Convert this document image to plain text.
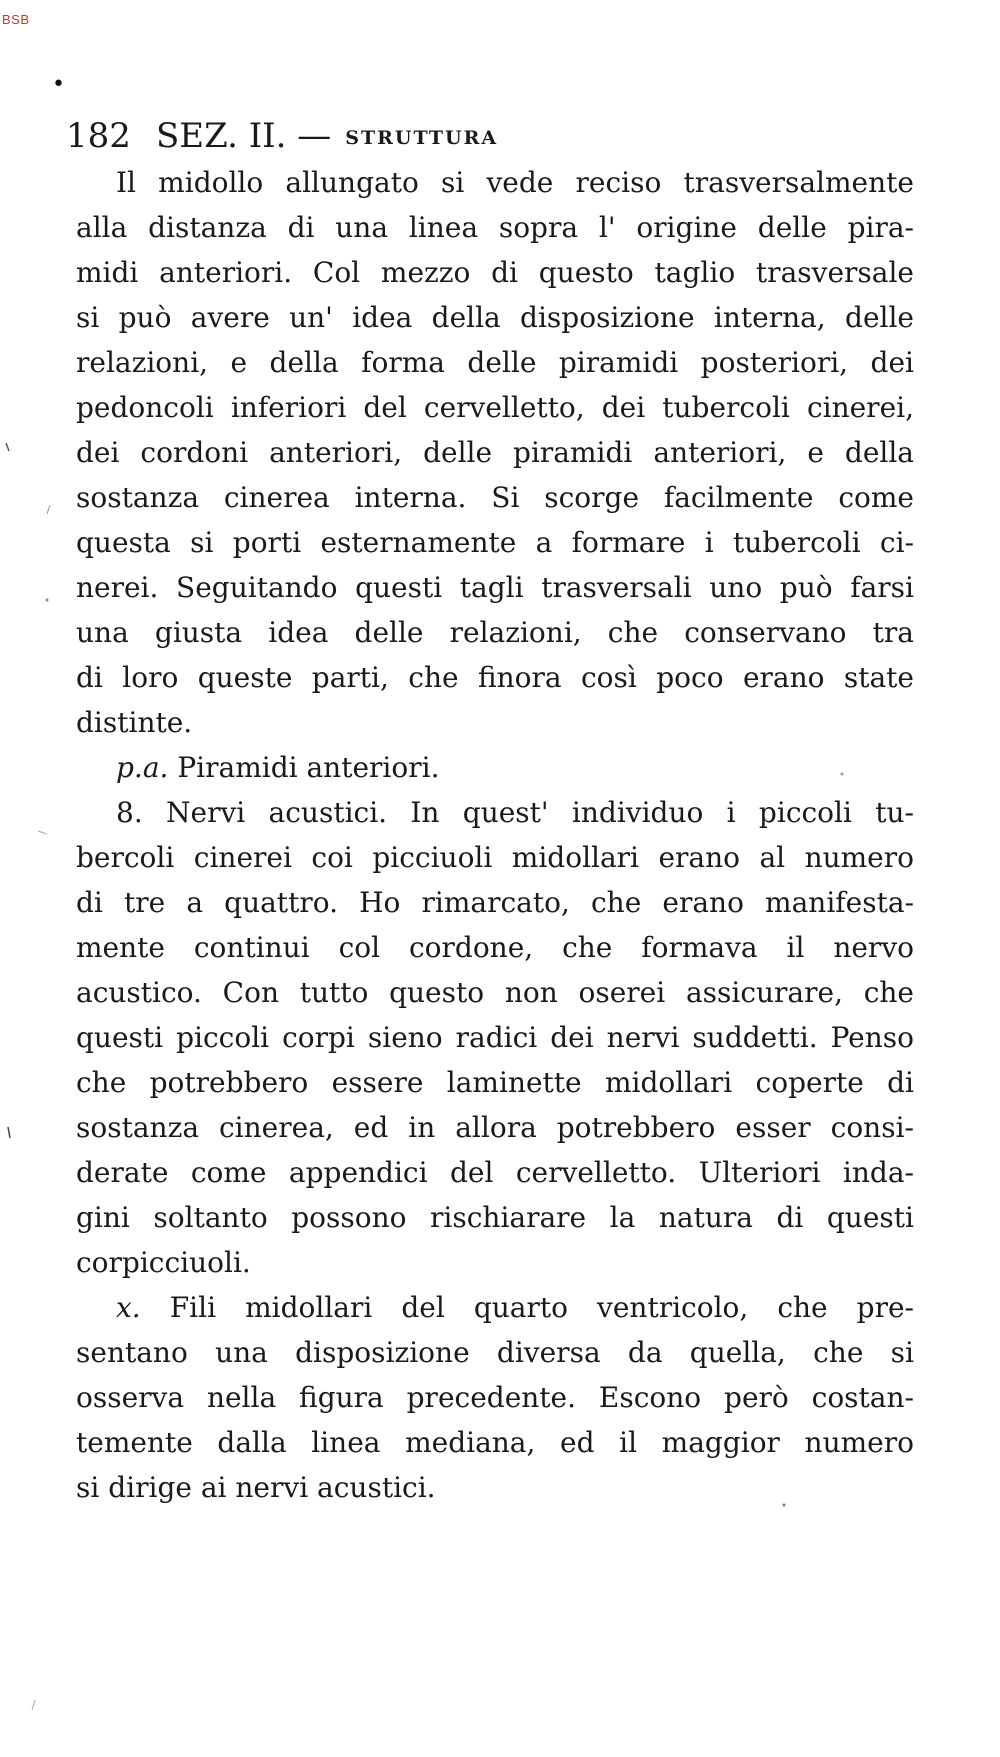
BSB
•
182 SEZ. II. — STRUTTURA
Il midollo allungato si vede reciso trasversalmente
alla distanza di una linea sopra l' origine delle pira-
midi anteriori. Col mezzo di questo taglio trasversale
si può avere un' idea della disposizione interna, delle
relazioni, e della forma delle piramidi posteriori, dei
pedoncoli inferiori del cervelletto, dei tubercoli cinerei,
dei cordoni anteriori, delle piramidi anteriori, e della
sostanza cinerea interna. Si scorge facilmente come
questa si porti esternamente a formare i tubercoli ci-
nerei. Seguitando questi tagli trasversali uno può farsi
una giusta idea delle relazioni, che conservano tra
di loro queste parti, che finora così poco erano state
distinte.
p.a. Piramidi anteriori.
8. Nervi acustici. In quest' individuo i piccoli tu-
bercoli cinerei coi picciuoli midollari erano al numero
di tre a quattro. Ho rimarcato, che erano manifesta-
mente continui col cordone, che formava il nervo
acustico. Con tutto questo non oserei assicurare, che
questi piccoli corpi sieno radici dei nervi suddetti. Penso
che potrebbero essere laminette midollari coperte di
sostanza cinerea, ed in allora potrebbero esser consi-
derate come appendici del cervelletto. Ulteriori inda-
gini soltanto possono rischiarare la natura di questi
corpicciuoli.
x. Fili midollari del quarto ventricolo, che pre-
sentano una disposizione diversa da quella, che si
osserva nella figura precedente. Escono però costan-
temente dalla linea mediana, ed il maggior numero
si dirige ai nervi acustici.
